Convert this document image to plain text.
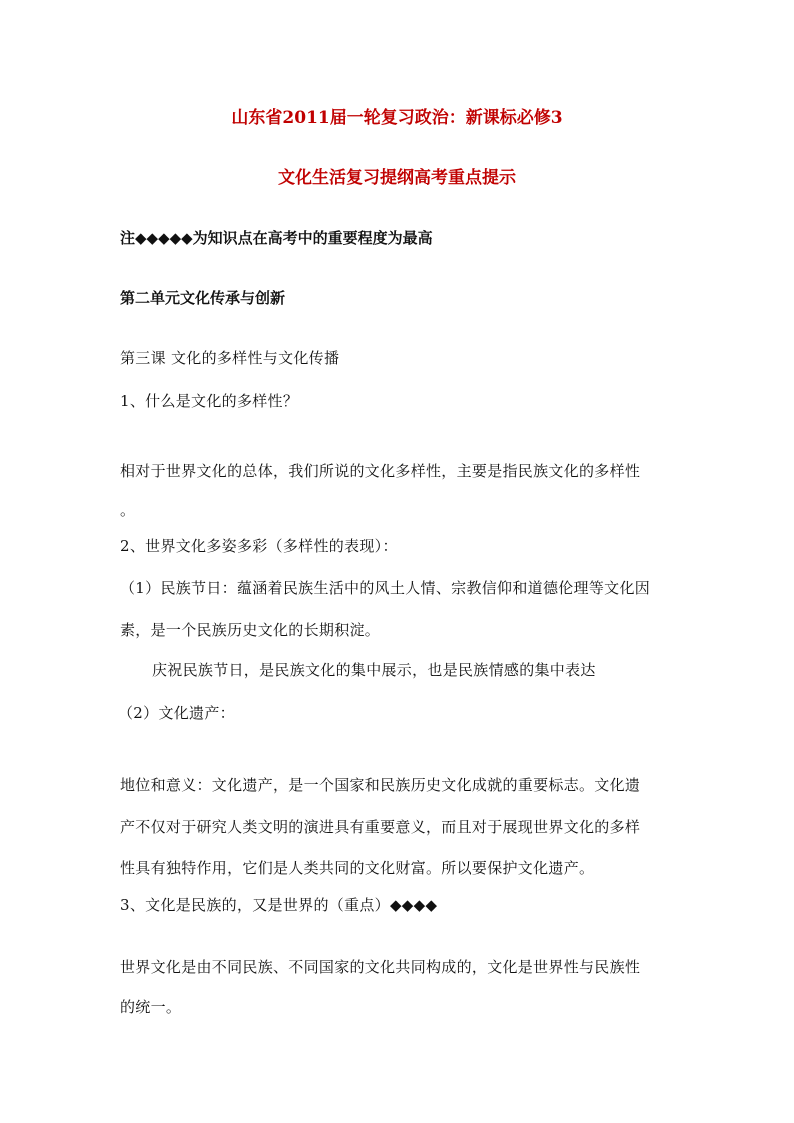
山东省2011届一轮复习政治：新课标必修3
文化生活复习提纲高考重点提示
注◆◆◆◆◆为知识点在高考中的重要程度为最高
第二单元文化传承与创新
第三课 文化的多样性与文化传播
1、什么是文化的多样性？
相对于世界文化的总体，我们所说的文化多样性，主要是指民族文化的多样性
。
2、世界文化多姿多彩（多样性的表现）：
（1）民族节日：蕴涵着民族生活中的风土人情、宗教信仰和道德伦理等文化因
素，是一个民族历史文化的长期积淀。
庆祝民族节日，是民族文化的集中展示，也是民族情感的集中表达
（2）文化遗产：
地位和意义：文化遗产，是一个国家和民族历史文化成就的重要标志。文化遗
产不仅对于研究人类文明的演进具有重要意义，而且对于展现世界文化的多样
性具有独特作用，它们是人类共同的文化财富。所以要保护文化遗产。
3、文化是民族的，又是世界的（重点）◆◆◆◆
世界文化是由不同民族、不同国家的文化共同构成的，文化是世界性与民族性
的统一。
